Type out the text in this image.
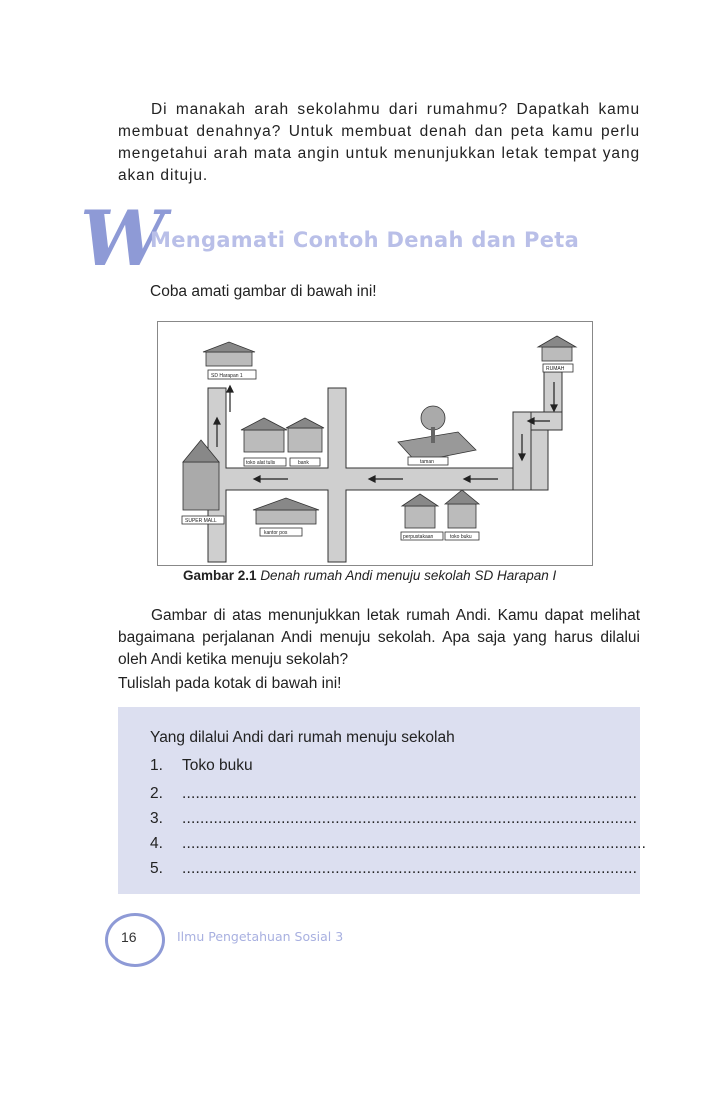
Di manakah arah sekolahmu dari rumahmu? Dapatkah kamu membuat denahnya? Untuk membuat denah dan peta kamu perlu mengetahui arah mata angin untuk menunjukkan letak tempat yang akan dituju.
W
Mengamati Contoh Denah dan Peta
Coba amati gambar di bawah ini!
SD Harapan 1
RUMAH
toko alat tulis	bank	taman
SUPER MALL
kantor pos
perpustakaan	toko buku
Gambar 2.1 Denah rumah Andi menuju sekolah SD Harapan I
Gambar di atas menunjukkan letak rumah Andi. Kamu dapat melihat bagaimana perjalanan Andi menuju sekolah. Apa saja yang harus dilalui oleh Andi ketika menuju sekolah?
Tulislah pada kotak di bawah ini!
Yang dilalui Andi dari rumah menuju sekolah
1. Toko buku
2. .....................................................................................................
3. .....................................................................................................
4. .......................................................................................................
5. .....................................................................................................
16	Ilmu Pengetahuan Sosial 3
